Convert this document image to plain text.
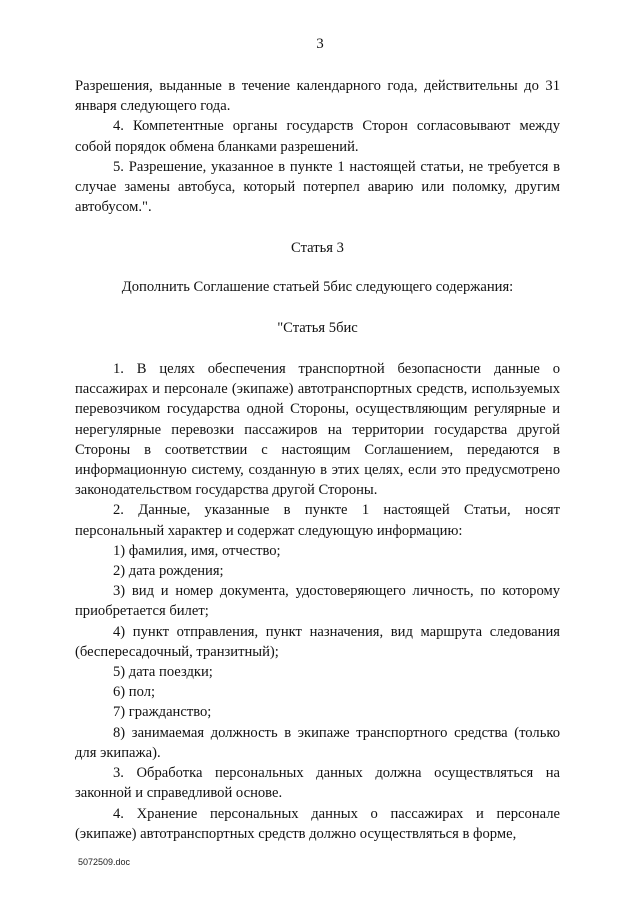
3

Разрешения, выданные в течение календарного года, действительны до 31 января следующего года.

4. Компетентные органы государств Сторон согласовывают между собой порядок обмена бланками разрешений.

5. Разрешение, указанное в пункте 1 настоящей статьи, не требуется в случае замены автобуса, который потерпел аварию или поломку, другим автобусом.".

Статья 3

Дополнить Соглашение статьей 5бис следующего содержания:

"Статья 5бис

1. В целях обеспечения транспортной безопасности данные о пассажирах и персонале (экипаже) автотранспортных средств, используемых перевозчиком государства одной Стороны, осуществляющим регулярные и нерегулярные перевозки пассажиров на территории государства другой Стороны в соответствии с настоящим Соглашением, передаются в информационную систему, созданную в этих целях, если это предусмотрено законодательством государства другой Стороны.

2. Данные, указанные в пункте 1 настоящей Статьи, носят персональный характер и содержат следующую информацию:

1) фамилия, имя, отчество;

2) дата рождения;

3) вид и номер документа, удостоверяющего личность, по которому приобретается билет;

4) пункт отправления, пункт назначения, вид маршрута следования (беспересадочный, транзитный);

5) дата поездки;

6) пол;

7) гражданство;

8) занимаемая должность в экипаже транспортного средства (только для экипажа).

3. Обработка персональных данных должна осуществляться на законной и справедливой основе.

4. Хранение персональных данных о пассажирах и персонале (экипаже) автотранспортных средств должно осуществляться в форме,

5072509.doc
